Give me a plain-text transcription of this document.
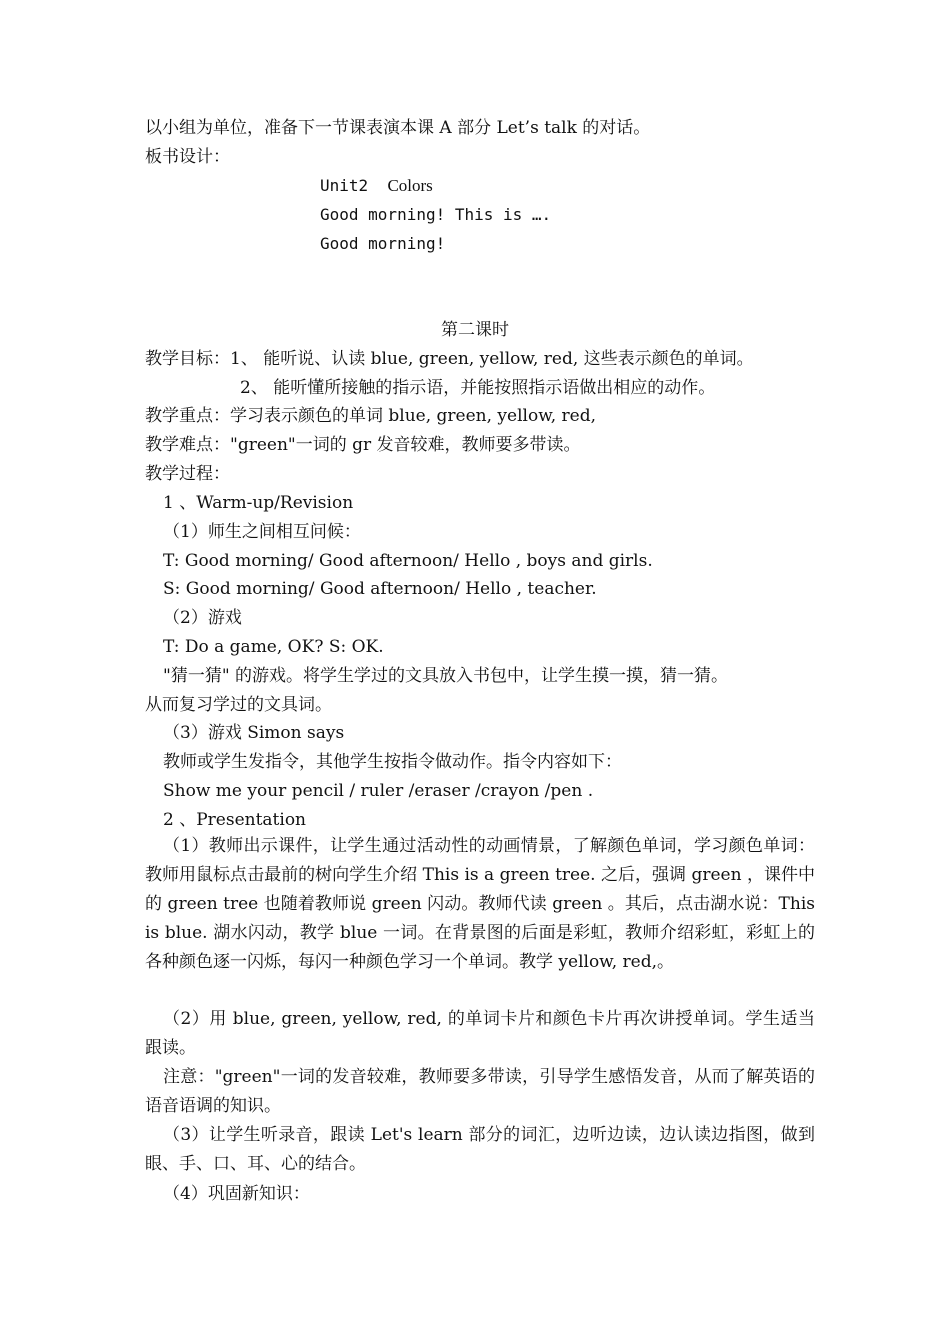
以小组为单位，准备下一节课表演本课 A 部分 Let’s talk 的对话。
板书设计：
Unit2 Colors
Good morning! This is ….
Good morning!
第二课时
教学目标：1、 能听说、认读 blue, green, yellow, red, 这些表示颜色的单词。
2、 能听懂所接触的指示语，并能按照指示语做出相应的动作。
教学重点：学习表示颜色的单词 blue, green, yellow, red,
教学难点："green"一词的 gr 发音较难，教师要多带读。
教学过程：
1 、Warm-up/Revision
（1）师生之间相互问候：
T: Good morning/ Good afternoon/ Hello , boys and girls.
S: Good morning/ Good afternoon/ Hello , teacher.
（2）游戏
T: Do a game, OK? S: OK.
"猜一猜" 的游戏。将学生学过的文具放入书包中，让学生摸一摸，猜一猜。
从而复习学过的文具词。
（3）游戏 Simon says
教师或学生发指令，其他学生按指令做动作。指令内容如下：
Show me your pencil / ruler /eraser /crayon /pen .
2 、Presentation
（1）教师出示课件，让学生通过活动性的动画情景，了解颜色单词，学习颜色单词：教师用鼠标点击最前的树向学生介绍 This is a green tree. 之后，强调 green ，课件中的 green tree 也随着教师说 green 闪动。教师代读 green 。其后，点击湖水说：This is blue. 湖水闪动，教学 blue 一词。在背景图的后面是彩虹，教师介绍彩虹，彩虹上的各种颜色逐一闪烁，每闪一种颜色学习一个单词。教学 yellow, red,。
（2）用 blue, green, yellow, red, 的单词卡片和颜色卡片再次讲授单词。学生适当跟读。
注意："green"一词的发音较难，教师要多带读，引导学生感悟发音，从而了解英语的语音语调的知识。
（3）让学生听录音，跟读 Let's learn 部分的词汇，边听边读，边认读边指图，做到眼、手、口、耳、心的结合。
（4）巩固新知识：
